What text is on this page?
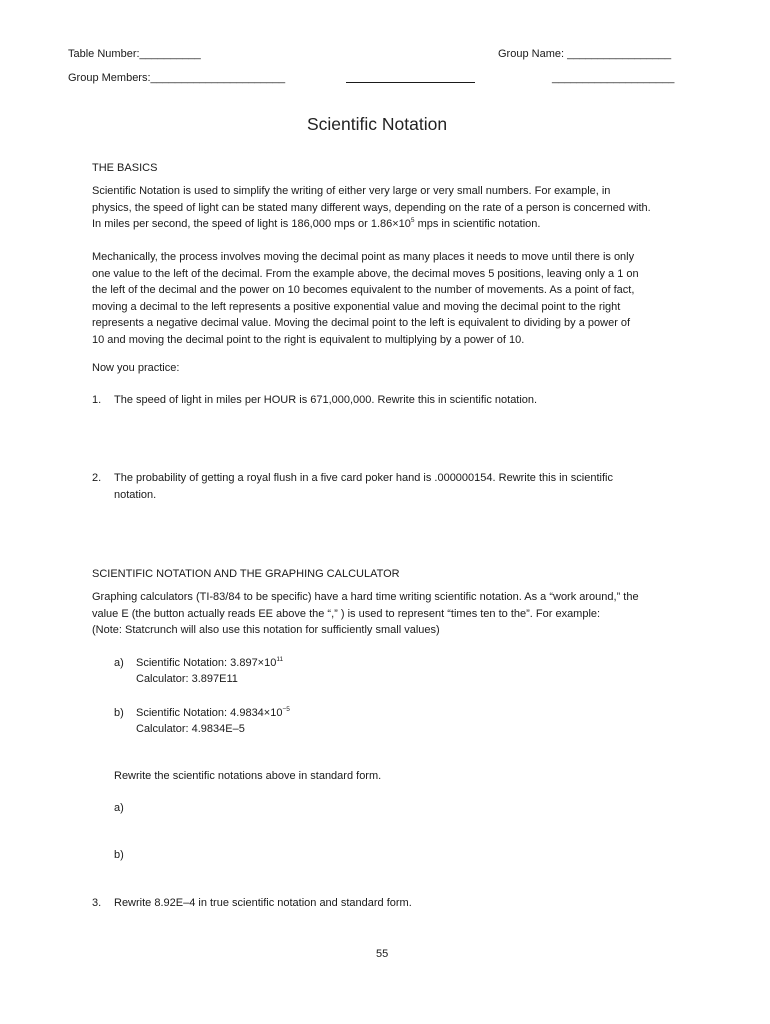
Table Number:__________	Group Name: _________________
Group Members:______________________	____________________
Scientific Notation
THE BASICS
Scientific Notation is used to simplify the writing of either very large or very small numbers. For example, in
physics, the speed of light can be stated many different ways, depending on the rate of a person is concerned with.
In miles per second, the speed of light is 186,000 mps or $1.86\times 10^5$ mps in scientific notation.
Mechanically, the process involves moving the decimal point as many places it needs to move until there is only
one value to the left of the decimal. From the example above, the decimal moves 5 positions, leaving only a 1 on
the left of the decimal and the power on 10 becomes equivalent to the number of movements. As a point of fact,
moving a decimal to the left represents a positive exponential value and moving the decimal point to the right
represents a negative decimal value. Moving the decimal point to the left is equivalent to dividing by a power of
10 and moving the decimal point to the right is equivalent to multiplying by a power of 10.
Now you practice:
1. The speed of light in miles per HOUR is 671,000,000. Rewrite this in scientific notation.
2. The probability of getting a royal flush in a five card poker hand is .000000154. Rewrite this in scientific
notation.
SCIENTIFIC NOTATION AND THE GRAPHING CALCULATOR
Graphing calculators (TI-83/84 to be specific) have a hard time writing scientific notation. As a “work around,” the
value E (the button actually reads EE above the “,” ) is used to represent “times ten to the”. For example:
(Note: Statcrunch will also use this notation for sufficiently small values)
a) Scientific Notation: $3.897\times 10^{11}$
Calculator: 3.897E11
b) Scientific Notation: $4.9834\times 10^{-5}$
Calculator: 4.9834E–5
Rewrite the scientific notations above in standard form.
a)
b)
3. Rewrite 8.92E–4 in true scientific notation and standard form.
55
